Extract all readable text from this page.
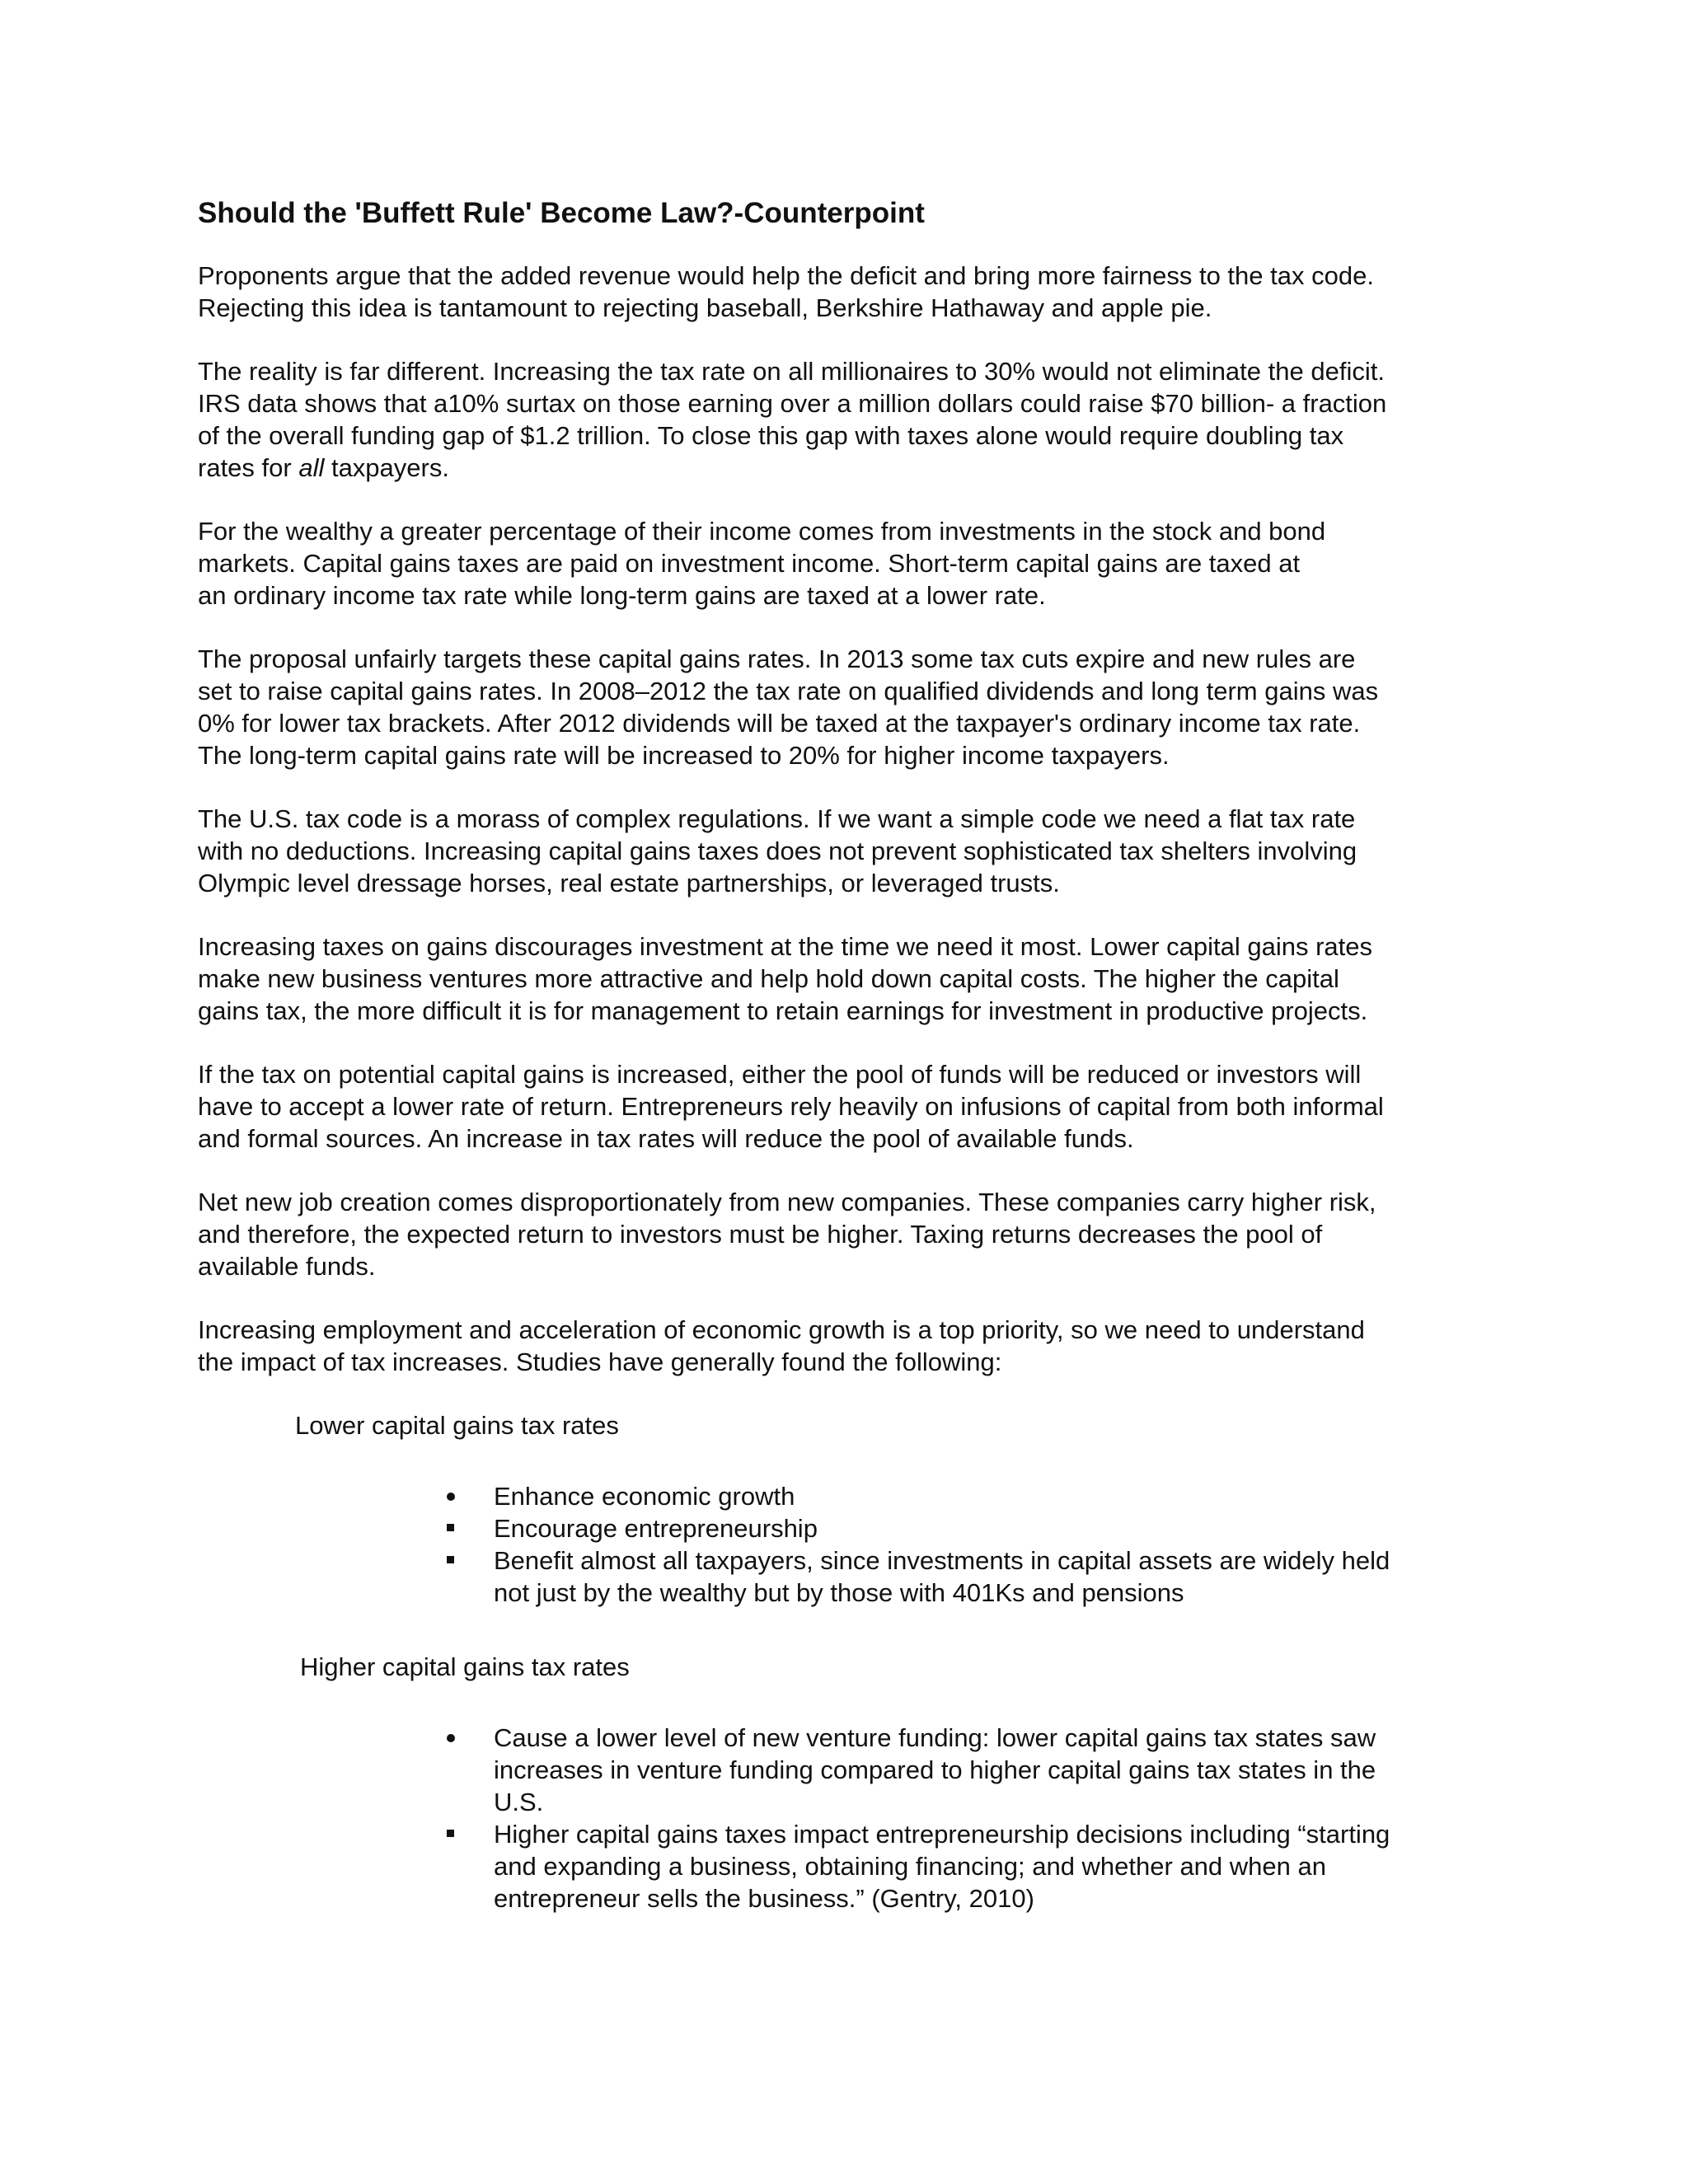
Should the 'Buffett Rule' Become Law?-Counterpoint
Proponents argue that the added revenue would help the deficit and bring more fairness to the tax code.
Rejecting this idea is tantamount to rejecting baseball, Berkshire Hathaway and apple pie.
The reality is far different. Increasing the tax rate on all millionaires to 30% would not eliminate the deficit.
IRS data shows that a10% surtax on those earning over a million dollars could raise $70 billion- a fraction
of the overall funding gap of $1.2 trillion. To close this gap with taxes alone would require doubling tax
rates for all taxpayers.
For the wealthy a greater percentage of their income comes from investments in the stock and bond
markets. Capital gains taxes are paid on investment income. Short-term capital gains are taxed at
an ordinary income tax rate while long-term gains are taxed at a lower rate.
The proposal unfairly targets these capital gains rates. In 2013 some tax cuts expire and new rules are
set to raise capital gains rates. In 2008–2012 the tax rate on qualified dividends and long term gains was
0% for lower tax brackets. After 2012 dividends will be taxed at the taxpayer's ordinary income tax rate.
The long-term capital gains rate will be increased to 20% for higher income taxpayers.
The U.S. tax code is a morass of complex regulations. If we want a simple code we need a flat tax rate
with no deductions. Increasing capital gains taxes does not prevent sophisticated tax shelters involving
Olympic level dressage horses, real estate partnerships, or leveraged trusts.
Increasing taxes on gains discourages investment at the time we need it most. Lower capital gains rates
make new business ventures more attractive and help hold down capital costs. The higher the capital
gains tax, the more difficult it is for management to retain earnings for investment in productive projects.
If the tax on potential capital gains is increased, either the pool of funds will be reduced or investors will
have to accept a lower rate of return. Entrepreneurs rely heavily on infusions of capital from both informal
and formal sources. An increase in tax rates will reduce the pool of available funds.
Net new job creation comes disproportionately from new companies. These companies carry higher risk,
and therefore, the expected return to investors must be higher. Taxing returns decreases the pool of
available funds.
Increasing employment and acceleration of economic growth is a top priority, so we need to understand
the impact of tax increases. Studies have generally found the following:
Lower capital gains tax rates
Enhance economic growth
Encourage entrepreneurship
Benefit almost all taxpayers, since investments in capital assets are widely held
not just by the wealthy but by those with 401Ks and pensions
Higher capital gains tax rates
Cause a lower level of new venture funding: lower capital gains tax states saw
increases in venture funding compared to higher capital gains tax states in the
U.S.
Higher capital gains taxes impact entrepreneurship decisions including “starting
and expanding a business, obtaining financing; and whether and when an
entrepreneur sells the business.” (Gentry, 2010)
